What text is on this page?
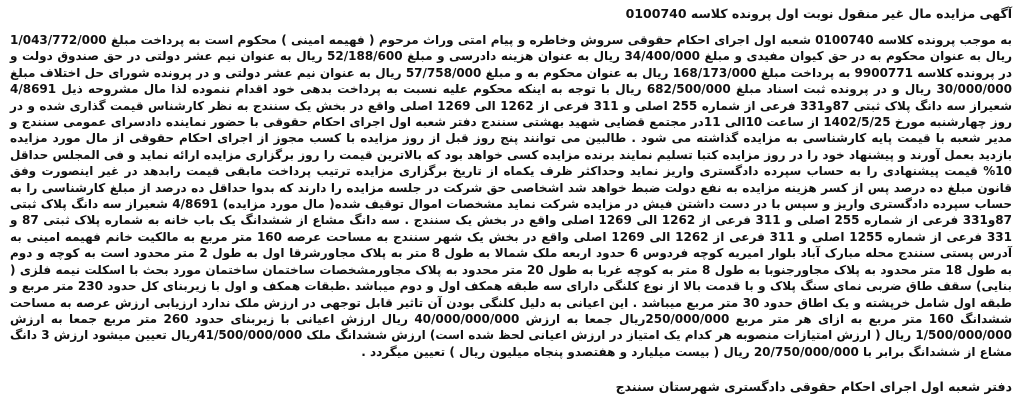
آگهی مزایده مال غیر منقول نوبت اول پرونده کلاسه 0100740

به موجب پرونده کلاسه 0100740 شعبه اول اجرای احکام حقوقی سروش وخاطره و پیام امتی وراث مرحوم ( فهیمه امینی ) محکوم است به پرداخت مبلغ 1/043/772/000 ریال به عنوان محکوم به در حق کیوان مفیدی و مبلغ 34/400/000 ریال به عنوان هزینه دادرسی و مبلغ 52/188/600 ریال به عنوان نیم عشر دولتی در حق صندوق دولت و در پرونده کلاسه 9900771 به پرداخت مبلغ 168/173/000 ریال به عنوان محکوم به و مبلغ 57/758/000 ریال به عنوان نیم عشر دولتی و در پرونده شورای حل اختلاف مبلغ 30/000/000 ریال و در پرونده ثبت اسناد مبلغ 682/500/000 ریال با توجه به اینکه محکوم علیه نسبت به پرداخت بدهی خود اقدام ننموده لذا مال مشروحه ذیل 4/8691 شعیراز سه دانگ پلاک ثبتی 87و331 فرعی از شماره 255 اصلی و 311 فرعی از 1262 الی 1269 اصلی واقع در بخش یک سنندج به نظر کارشناس قیمت گذاری شده و در روز چهارشنبه مورخ 1402/5/25 از ساعت 10الی 11در مجتمع قضایی شهید بهشتی سنندج دفتر شعبه اول اجرای احکام حقوقی با حضور نماینده دادسرای عمومی سنندج و مدیر شعبه با قیمت پایه کارشناسی به مزایده گذاشته می شود . طالبین می توانند پنج روز قبل از روز مزایده با کسب مجوز از اجرای احکام حقوقی از مال مورد مزایده بازدید بعمل آورند و پیشنهاد خود را در روز مزایده کتبا تسلیم نمایند برنده مزایده کسی خواهد بود که بالاترین قیمت را روز برگزاری مزایده ارائه نماید و فی المجلس حداقل 10% قیمت پیشنهادی را به حساب سپرده دادگستری واریز نماید وحداکثر ظرف یکماه از تاریخ برگزاری مزایده ترتیب پرداخت مابقی قیمت رابدهد در غیر اینصورت وفق قانون مبلغ ده درصد پس از کسر هزینه مزایده به نفع دولت ضبط خواهد شد اشخاصی حق شرکت در جلسه مزایده را دارند که بدوا حداقل ده درصد از مبلغ کارشناسی را به حساب سپرده دادگستری واریز و سپس با در دست داشتن فیش در مزایده شرکت نماید مشخصات اموال توقیف شده( مال مورد مزایده) 4/8691 شعیراز سه دانگ پلاک ثبتی 87و331 فرعی از شماره 255 اصلی و 311 فرعی از 1262 الی 1269 اصلی واقع در بخش یک سنندج . سه دانگ مشاع از ششدانگ یک باب خانه به شماره پلاک ثبتی 87 و 331 فرعی از شماره 1255 اصلی و 311 فرعی از 1262 الی 1269 اصلی واقع در بخش یک شهر سنندج به مساحت عرصه 160 متر مربع به مالکیت خانم فهیمه امینی به آدرس پستی سنندج محله مبارک آباد بلوار امیریه کوچه فردوس 6 حدود اربعه ملک شمالا به طول 8 متر به پلاک مجاورشرقا اول به طول 2 متر محدود است به کوچه و دوم به طول 18 متر محدود به پلاک مجاورجنوبا به طول 8 متر به کوچه غربا به طول 20 متر محدود به پلاک مجاورمشخصات ساختمان ساختمان مورد بحث با اسکلت نیمه فلزی ( بنایی) سقف طاق ضربی نمای سنگ پلاک و با قدمت بالا از نوع کلنگی دارای سه طبقه همکف اول و دوم میباشد .طبقات همکف و اول با زیربنای کل حدود 230 متر مربع و طبقه اول شامل خرپشته و یک اطاق حدود 30 متر مربع میباشد . این اعیانی به دلیل کلنگی بودن آن تاثیر قابل توجهی در ارزش ملک ندارد ارزیابی ارزش عرصه به مساحت ششدانگ 160 متر مربع به ازای هر متر مربع 250/000/000ریال جمعا به ارزش 40/000/000/000 ریال ارزش اعیانی با زیربنای حدود 260 متر مربع جمعا به ارزش 1/500/000/000 ریال ( ارزش امتیازات منصوبه هر کدام یک امتیاز در ارزش اعیانی لحظ شده است) ارزش ششدانگ ملک 41/500/000/000ریال تعیین میشود ارزش 3 دانگ مشاع از ششدانگ برابر با 20/750/000/000 ریال ( بیست میلیارد و هفتصدو پنجاه میلیون ریال ) تعیین میگردد .

دفتر شعبه اول اجرای احکام حقوقی دادگستری شهرستان سنندج
